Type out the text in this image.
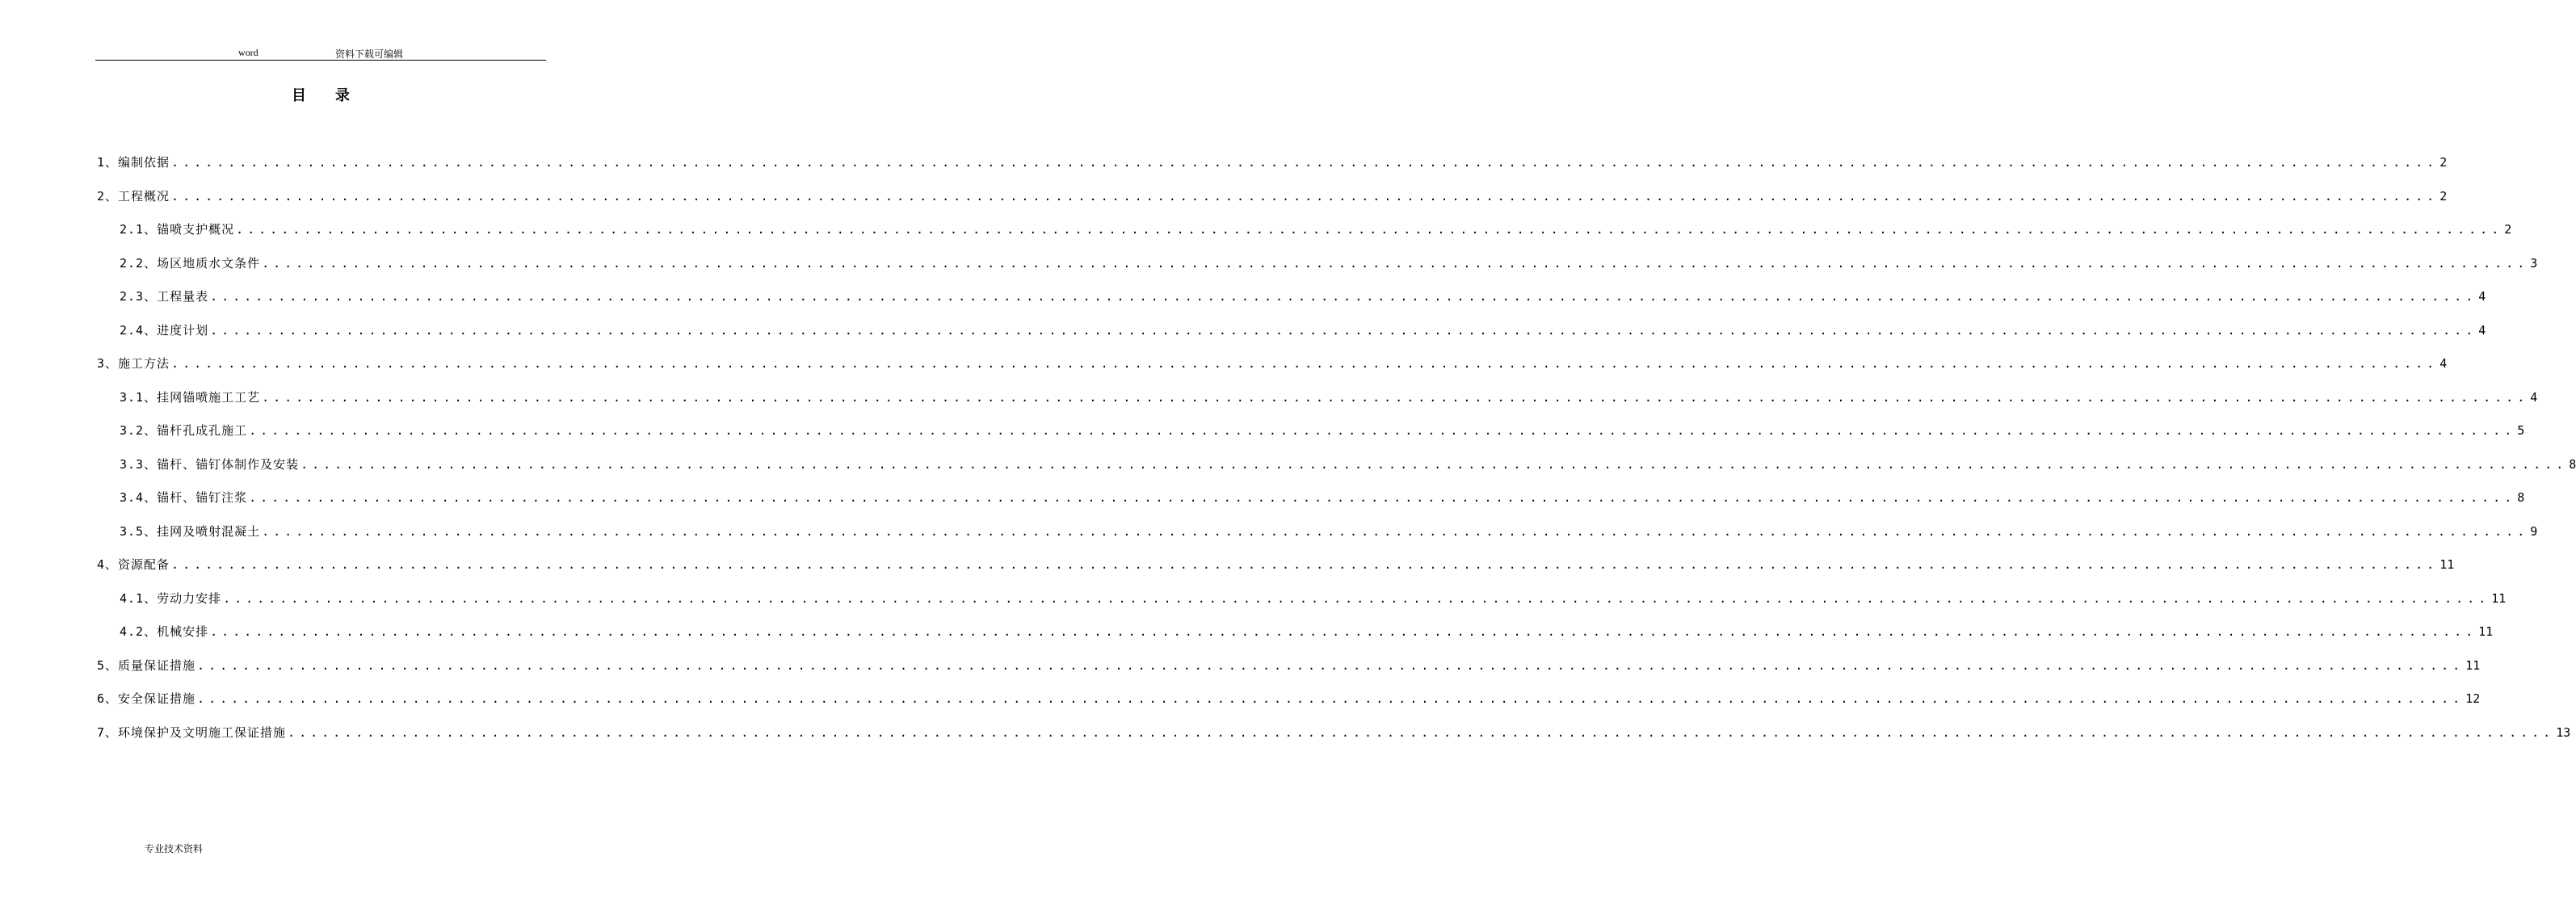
word	资料下载可编辑
目录
1、编制依据 ........................................................................................................................................................................................................ 2
2、工程概况 ........................................................................................................................................................................................................ 2
2.1、锚喷支护概况 ........................................................................................................................................................................................................ 2
2.2、场区地质水文条件 ........................................................................................................................................................................................................ 3
2.3、工程量表 ........................................................................................................................................................................................................ 4
2.4、进度计划 ........................................................................................................................................................................................................ 4
3、施工方法 ........................................................................................................................................................................................................ 4
3.1、挂网锚喷施工工艺 ........................................................................................................................................................................................................ 4
3.2、锚杆孔成孔施工 ........................................................................................................................................................................................................ 5
3.3、锚杆、锚钉体制作及安装 ........................................................................................................................................................................................................ 8
3.4、锚杆、锚钉注浆 ........................................................................................................................................................................................................ 8
3.5、挂网及喷射混凝土 ........................................................................................................................................................................................................ 9
4、资源配备 ........................................................................................................................................................................................................ 11
4.1、劳动力安排 ........................................................................................................................................................................................................ 11
4.2、机械安排 ........................................................................................................................................................................................................ 11
5、质量保证措施 ........................................................................................................................................................................................................ 11
6、安全保证措施 ........................................................................................................................................................................................................ 12
7、环境保护及文明施工保证措施 ........................................................................................................................................................................................................ 13
专业技术资料
